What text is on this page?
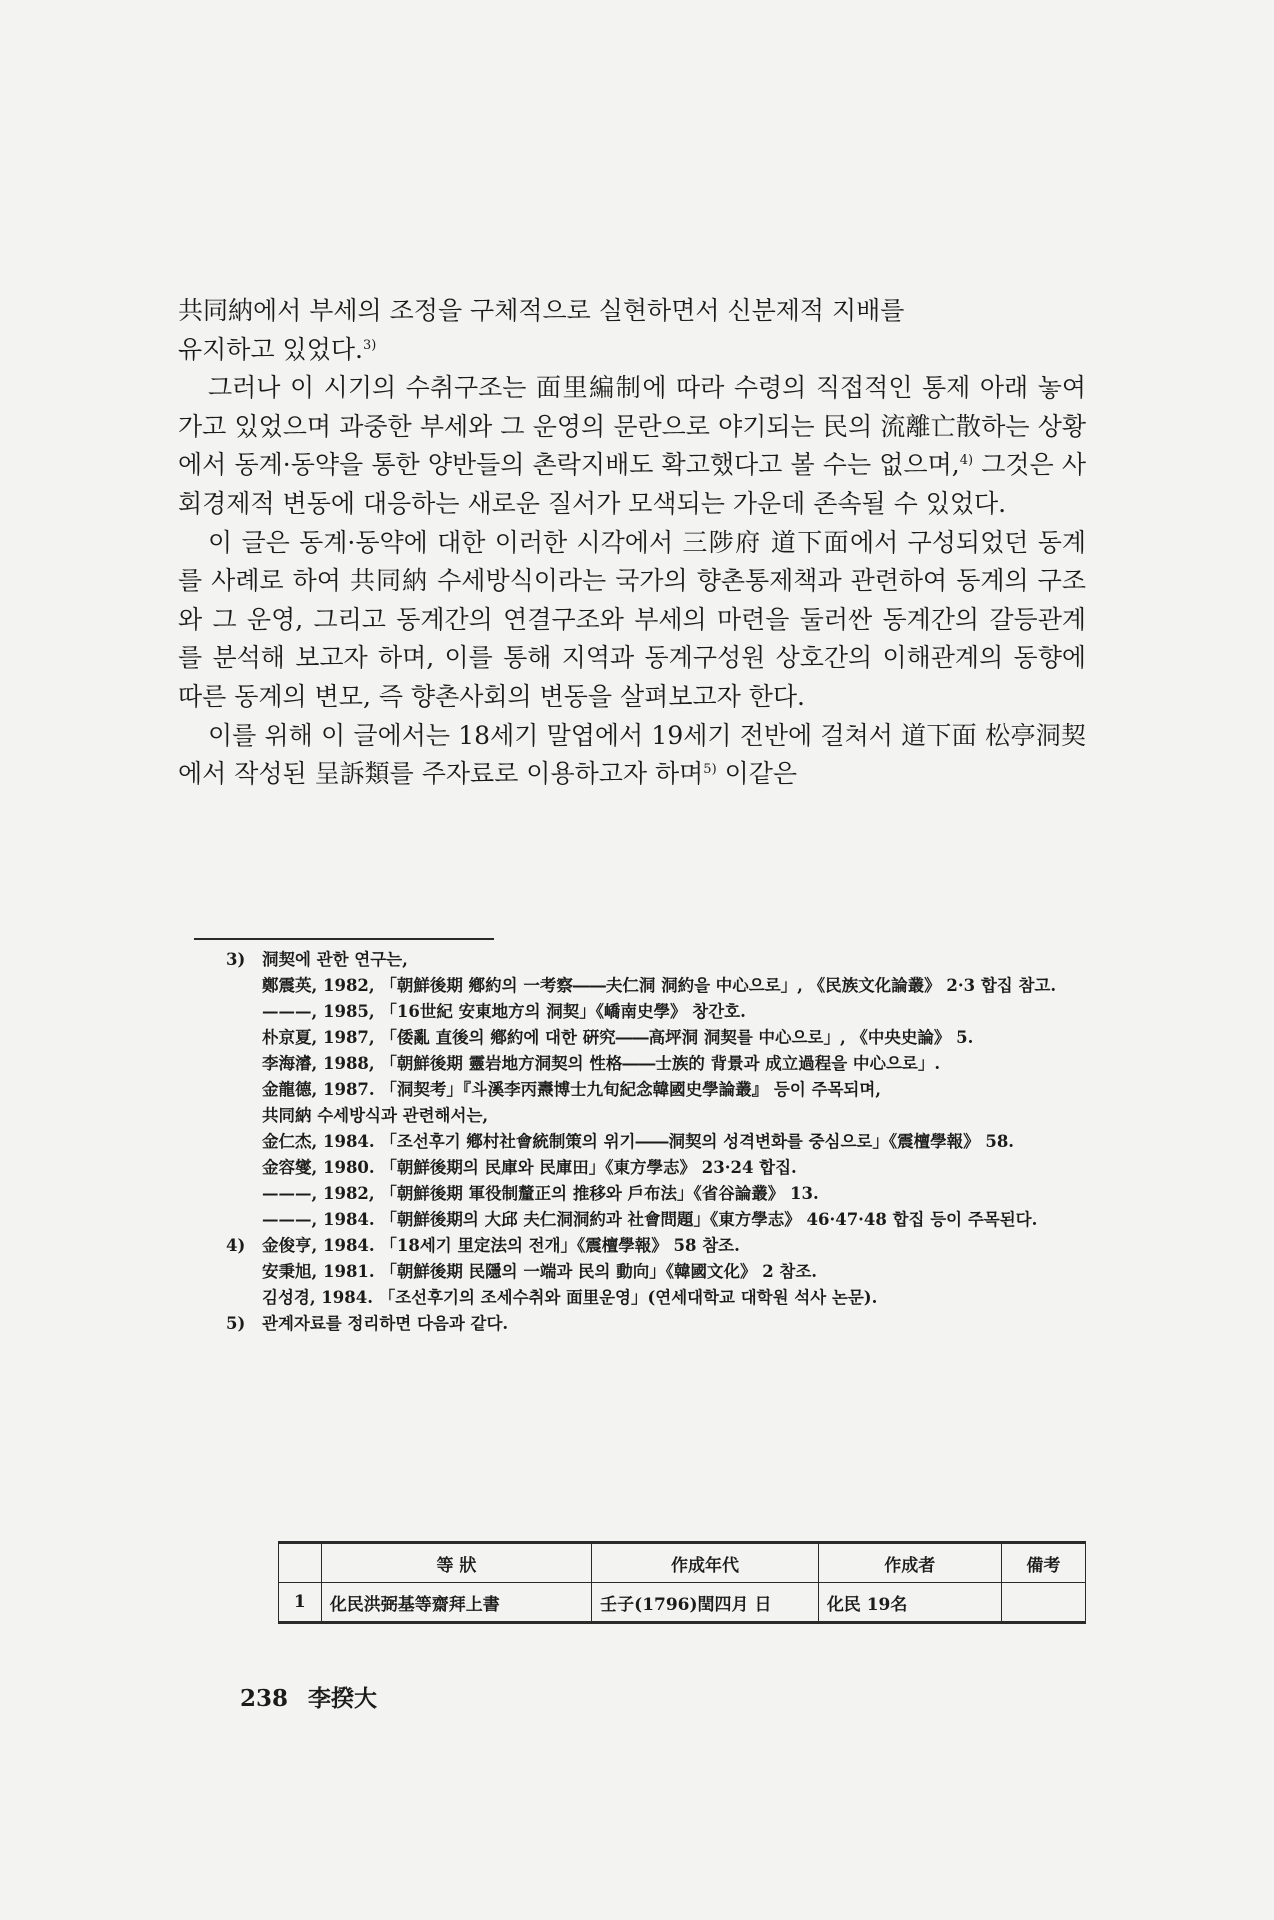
共同納에서 부세의 조정을 구체적으로 실현하면서 신분제적 지배를
유지하고 있었다.$^{3)}$

그러나 이 시기의 수취구조는 面里編制에 따라 수령의 직접적인 통제 아래 놓여가고 있었으며 과중한 부세와 그 운영의 문란으로 야기되는 民의 流離亡散하는 상황에서 동계·동약을 통한 양반들의 촌락지배도 확고했다고 볼 수는 없으며,$^{4)}$ 그것은 사회경제적 변동에 대응하는 새로운 질서가 모색되는 가운데 존속될 수 있었다.

이 글은 동계·동약에 대한 이러한 시각에서 三陟府 道下面에서 구성되었던 동계를 사례로 하여 共同納 수세방식이라는 국가의 향촌통제책과 관련하여 동계의 구조와 그 운영, 그리고 동계간의 연결구조와 부세의 마련을 둘러싼 동계간의 갈등관계를 분석해 보고자 하며, 이를 통해 지역과 동계구성원 상호간의 이해관계의 동향에 따른 동계의 변모, 즉 향촌사회의 변동을 살펴보고자 한다.

이를 위해 이 글에서는 18세기 말엽에서 19세기 전반에 걸쳐서 道下面 松亭洞契에서 작성된 呈訴類를 주자료로 이용하고자 하며$^{5)}$ 이같은

3) 洞契에 관한 연구는,
鄭震英, 1982, 「朝鮮後期 鄕約의 一考察――夫仁洞 洞約을 中心으로」, 《民族文化論叢》 2·3 합집 참고.
———, 1985, 「16世紀 安東地方의 洞契」《嶠南史學》 창간호.
朴京夏, 1987, 「倭亂 直後의 鄕約에 대한 硏究――高坪洞 洞契를 中心으로」, 《中央史論》 5.
李海濬, 1988, 「朝鮮後期 靈岩地方洞契의 性格――士族的 背景과 成立過程을 中心으로」.
金龍德, 1987. 「洞契考」『斗溪李丙燾博士九旬紀念韓國史學論叢』 등이 주목되며,
共同納 수세방식과 관련해서는,
金仁杰, 1984. 「조선후기 鄕村社會統制策의 위기――洞契의 성격변화를 중심으로」《震檀學報》 58.
金容燮, 1980. 「朝鮮後期의 民庫와 民庫田」《東方學志》 23·24 합집.
———, 1982, 「朝鮮後期 軍役制釐正의 推移와 戶布法」《省谷論叢》 13.
———, 1984. 「朝鮮後期의 大邱 夫仁洞洞約과 社會問題」《東方學志》 46·47·48 합집 등이 주목된다.
4) 金俊亨, 1984. 「18세기 里定法의 전개」《震檀學報》 58 참조.
安秉旭, 1981. 「朝鮮後期 民隱의 一端과 民의 動向」《韓國文化》 2 참조.
김성경, 1984. 「조선후기의 조세수취와 面里운영」(연세대학교 대학원 석사 논문).
5) 관계자료를 정리하면 다음과 같다.
	等 狀	作成年代	作成者	備考
1	化民洪弼基等齋拜上書	壬子(1796)閏四月 日	化民 19名	
238 李揆大
